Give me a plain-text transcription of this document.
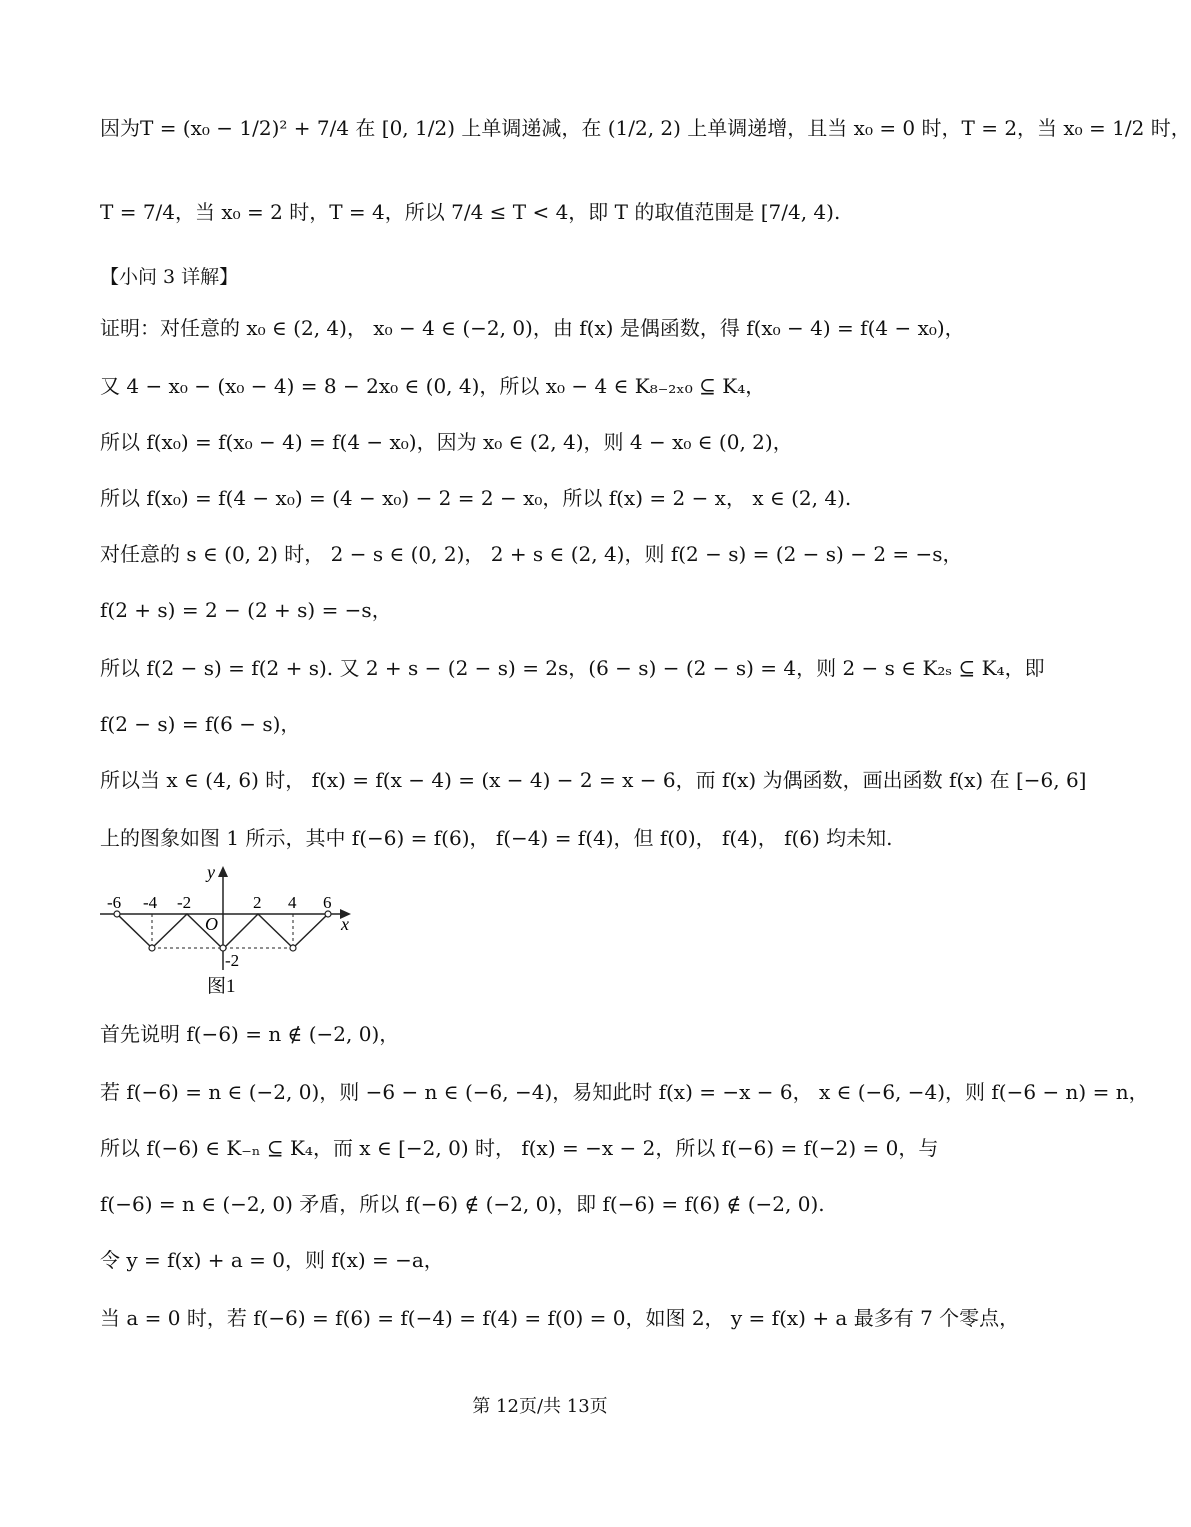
因为T = (x₀ − 1/2)² + 7/4 在 [0, 1/2) 上单调递减，在 (1/2, 2) 上单调递增，且当 x₀ = 0 时，T = 2，当 x₀ = 1/2 时，
T = 7/4，当 x₀ = 2 时，T = 4，所以 7/4 ≤ T < 4，即 T 的取值范围是 [7/4, 4).
【小问 3 详解】
证明：对任意的 x₀ ∈ (2, 4)， x₀ − 4 ∈ (−2, 0)，由 f(x) 是偶函数，得 f(x₀ − 4) = f(4 − x₀)，
又 4 − x₀ − (x₀ − 4) = 8 − 2x₀ ∈ (0, 4)，所以 x₀ − 4 ∈ K₈₋₂ₓ₀ ⊆ K₄，
所以 f(x₀) = f(x₀ − 4) = f(4 − x₀)，因为 x₀ ∈ (2, 4)，则 4 − x₀ ∈ (0, 2)，
所以 f(x₀) = f(4 − x₀) = (4 − x₀) − 2 = 2 − x₀，所以 f(x) = 2 − x， x ∈ (2, 4).
对任意的 s ∈ (0, 2) 时， 2 − s ∈ (0, 2)， 2 + s ∈ (2, 4)，则 f(2 − s) = (2 − s) − 2 = −s，
f(2 + s) = 2 − (2 + s) = −s，
所以 f(2 − s) = f(2 + s). 又 2 + s − (2 − s) = 2s，(6 − s) − (2 − s) = 4，则 2 − s ∈ K₂ₛ ⊆ K₄，即
f(2 − s) = f(6 − s)，
所以当 x ∈ (4, 6) 时， f(x) = f(x − 4) = (x − 4) − 2 = x − 6，而 f(x) 为偶函数，画出函数 f(x) 在 [−6, 6]
上的图象如图 1 所示，其中 f(−6) = f(6)， f(−4) = f(4)，但 f(0)， f(4)， f(6) 均未知.
y
x
O
-6 -4 -2	2 4 6
-2
图1
首先说明 f(−6) = n ∉ (−2, 0)，
若 f(−6) = n ∈ (−2, 0)，则 −6 − n ∈ (−6, −4)，易知此时 f(x) = −x − 6， x ∈ (−6, −4)，则 f(−6 − n) = n，
所以 f(−6) ∈ K₋ₙ ⊆ K₄，而 x ∈ [−2, 0) 时， f(x) = −x − 2，所以 f(−6) = f(−2) = 0，与
f(−6) = n ∈ (−2, 0) 矛盾，所以 f(−6) ∉ (−2, 0)，即 f(−6) = f(6) ∉ (−2, 0).
令 y = f(x) + a = 0，则 f(x) = −a，
当 a = 0 时，若 f(−6) = f(6) = f(−4) = f(4) = f(0) = 0，如图 2， y = f(x) + a 最多有 7 个零点，
第 12页/共 13页
